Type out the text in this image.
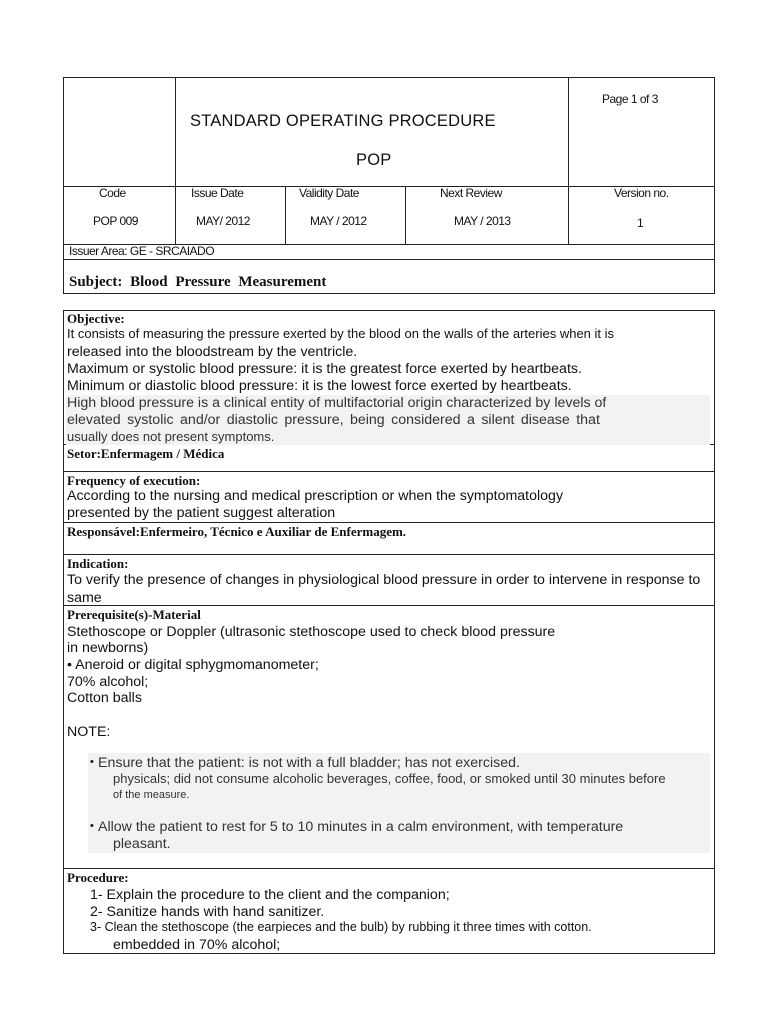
Page 1 of 3
STANDARD OPERATING PROCEDURE
POP
Code
POP 009
Issue Date
MAY/ 2012
Validity Date
MAY / 2012
Next Review
MAY / 2013
Version no.
1
Issuer Area: GE - SRCAIADO
Subject: Blood Pressure Measurement
Objective:
It consists of measuring the pressure exerted by the blood on the walls of the arteries when it is
released into the bloodstream by the ventricle.
Maximum or systolic blood pressure: it is the greatest force exerted by heartbeats.
Minimum or diastolic blood pressure: it is the lowest force exerted by heartbeats.
High blood pressure is a clinical entity of multifactorial origin characterized by levels of
elevated systolic and/or diastolic pressure, being considered a silent disease that
usually does not present symptoms.
Setor:Enfermagem / Médica
Frequency of execution:
According to the nursing and medical prescription or when the symptomatology
presented by the patient suggest alteration
Responsável:Enfermeiro, Técnico e Auxiliar de Enfermagem.
Indication:
To verify the presence of changes in physiological blood pressure in order to intervene in response to
same
Prerequisite(s)-Material
Stethoscope or Doppler (ultrasonic stethoscope used to check blood pressure
in newborns)
• Aneroid or digital sphygmomanometer;
70% alcohol;
Cotton balls
NOTE:
• Ensure that the patient: is not with a full bladder; has not exercised.
physicals; did not consume alcoholic beverages, coffee, food, or smoked until 30 minutes before
of the measure.
• Allow the patient to rest for 5 to 10 minutes in a calm environment, with temperature
pleasant.
Procedure:
1- Explain the procedure to the client and the companion;
2- Sanitize hands with hand sanitizer.
3- Clean the stethoscope (the earpieces and the bulb) by rubbing it three times with cotton.
embedded in 70% alcohol;
